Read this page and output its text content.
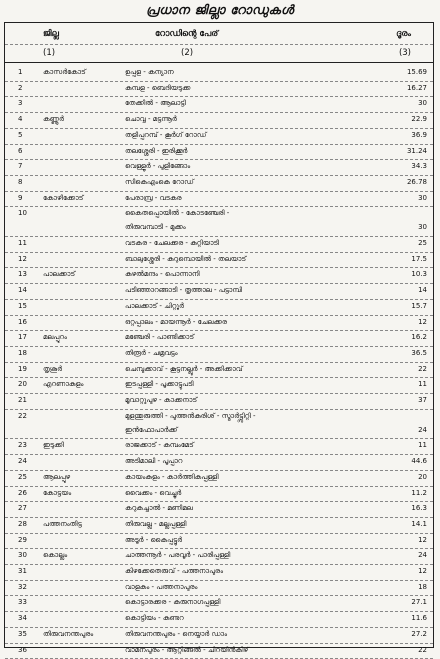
പ്രധാന ജില്ലാ റോഡുകൾ
ജില്ല	റോഡിന്റെ പേര്	ദൂരം
(1)	(2)	(3)
1	കാസർകോട്	ഉപ്പള - കന്യാന	15.69
2	കുമ്പള - ബെദിയടുക്ക	16.27
3	തേക്കിൽ - ആലാട്ടി	30
4	കണ്ണൂർ	ചൊവ്വ - മട്ടന്നൂർ	22.9
5	തളിപ്പറമ്പ് - കൂർഗ് റോഡ്	36.9
6	തലശ്ശേരി - ഇരിക്കൂർ	31.24
7	വെള്ളൂർ - പുളിങ്ങോം	34.3
8	സികെഎംകെ റോഡ്	26.78
9	കോഴിക്കോട്	പേരാമ്പ്ര - വടകര	30
10	കൈതപ്പൊയിൽ - കോടഞ്ചേരി -
തിരുവമ്പാടി - മുക്കം	30
11	വടകര - ചേലക്കര - കുറ്റിയാടി	25
12	ബാലുശ്ശേരി - കുറുമ്പൊയിൽ - തലയാട്	17.5
13 പാലക്കാട്	കുഴൽമന്ദം - പൊന്നാനി	10.3
14	പടിഞ്ഞാറങ്ങാടി - തൃത്താല - പട്ടാമ്പി	14
15	പാലക്കാട് - ചിറ്റൂർ	15.7
16	ഒറ്റപ്പാലം - മായന്നൂർ - ചേലക്കര	12
17 മലപ്പുറം	മഞ്ചേരി - പാണ്ടിക്കാട്	16.2
18	തിരൂർ - ചമ്രവട്ടം	36.5
19 തൃശൂർ	ചെമ്പുക്കാവ് - കൂട്ടനല്ലൂർ - അക്കിക്കാവ്	22
20 എറണാകുളം	ഇടപ്പള്ളി - പൂക്കാട്ടുപടി	11
21	മൂവാറ്റുപുഴ - കാക്കനാട്	37
22	മുളന്തുരുത്തി - പുത്തൻകുരിശ് - സ്മാർട്ട്സിറ്റി -
ഇൻഫോപാർക്ക്	24
23 ഇടുക്കി	രാജക്കാട് - കമ്പംമേട്	11
24	അടിമാലി - പൂപ്പാറ	44.6
25 ആലപ്പുഴ	കായംകുളം - കാർത്തികപ്പള്ളി	20
26 കോട്ടയം	വൈക്കം - വെച്ചൂർ	11.2
27	കറുകച്ചാൽ - മണിമല	16.3
28 പത്തനംതിട്ട	തിരുവല്ല - മല്ലപ്പള്ളി	14.1
29	അടൂർ - കൈപ്പട്ടൂർ	12
30 കൊല്ലം	ചാത്തന്നൂർ - പരവൂർ - പാരിപ്പള്ളി	24
31	കിഴക്കേതെരുവ് - പത്തനാപുരം	12
32	വാളകം - പത്തനാപുരം	18
33	കൊട്ടാരക്കര - കരുനാഗപ്പള്ളി	27.1
34	കൊട്ടിയം - കുണ്ടറ	11.6
35 തിരുവനന്തപുരം	തിരുവനന്തപുരം - നെയ്യാർ ഡാം	27.2
36	വാമനപുരം - ആറ്റിങ്ങൽ - ചിറയിൻകീഴ്	22
